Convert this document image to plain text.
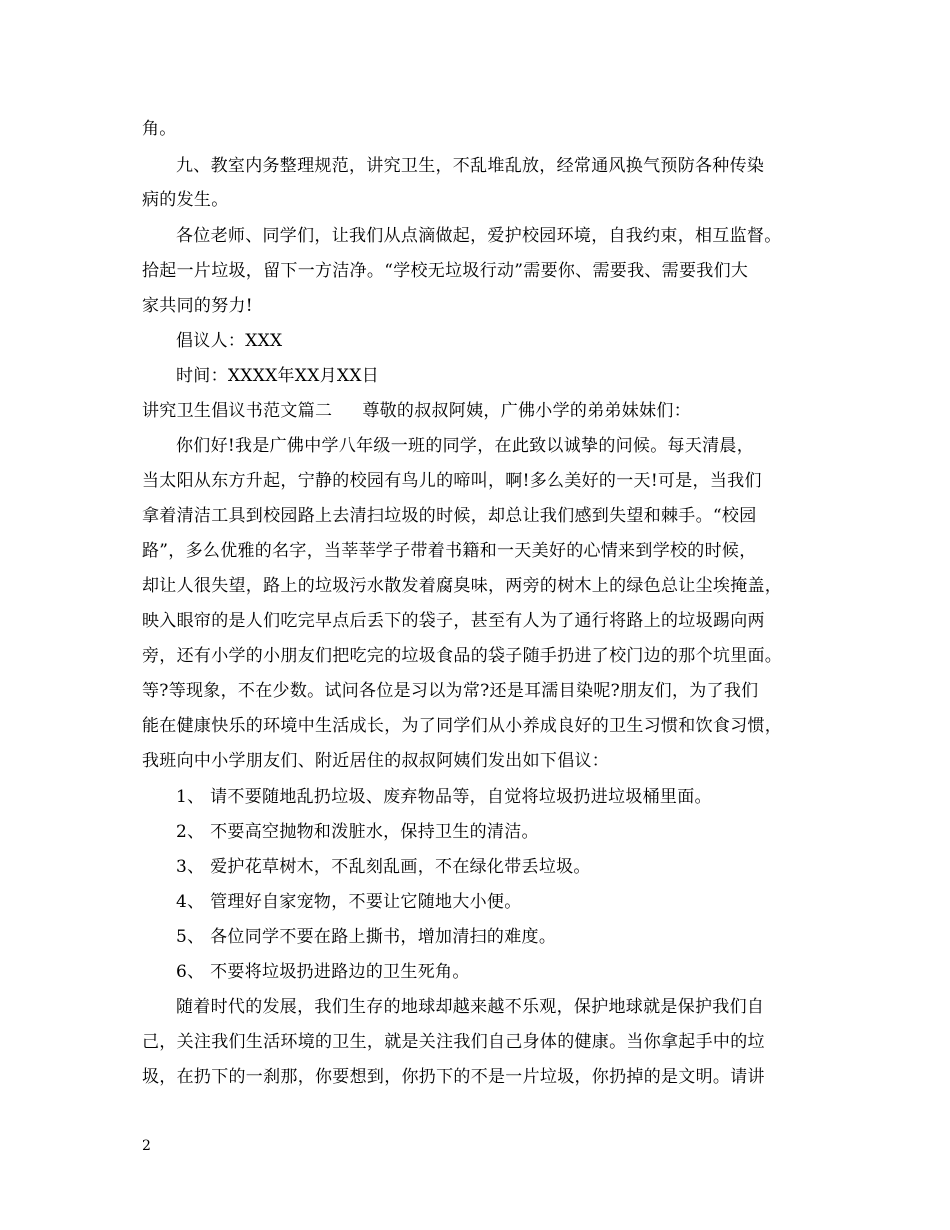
角。
九、教室内务整理规范，讲究卫生，不乱堆乱放，经常通风换气预防各种传染
病的发生。
各位老师、同学们，让我们从点滴做起，爱护校园环境，自我约束，相互监督。
拾起一片垃圾，留下一方洁净。“学校无垃圾行动”需要你、需要我、需要我们大
家共同的努力!
倡议人：XXX
时间：XXXX年XX月XX日
讲究卫生倡议书范文篇二 尊敬的叔叔阿姨，广佛小学的弟弟妹妹们：
你们好!我是广佛中学八年级一班的同学，在此致以诚挚的问候。每天清晨，
当太阳从东方升起，宁静的校园有鸟儿的啼叫，啊!多么美好的一天!可是，当我们
拿着清洁工具到校园路上去清扫垃圾的时候，却总让我们感到失望和棘手。“校园
路”，多么优雅的名字，当莘莘学子带着书籍和一天美好的心情来到学校的时候，
却让人很失望，路上的垃圾污水散发着腐臭味，两旁的树木上的绿色总让尘埃掩盖，
映入眼帘的是人们吃完早点后丢下的袋子，甚至有人为了通行将路上的垃圾踢向两
旁，还有小学的小朋友们把吃完的垃圾食品的袋子随手扔进了校门边的那个坑里面。
等?等现象，不在少数。试问各位是习以为常?还是耳濡目染呢?朋友们，为了我们
能在健康快乐的环境中生活成长，为了同学们从小养成良好的卫生习惯和饮食习惯，
我班向中小学朋友们、附近居住的叔叔阿姨们发出如下倡议：
1、 请不要随地乱扔垃圾、废弃物品等，自觉将垃圾扔进垃圾桶里面。
2、 不要高空抛物和泼脏水，保持卫生的清洁。
3、 爱护花草树木，不乱刻乱画，不在绿化带丢垃圾。
4、 管理好自家宠物，不要让它随地大小便。
5、 各位同学不要在路上撕书，增加清扫的难度。
6、 不要将垃圾扔进路边的卫生死角。
随着时代的发展，我们生存的地球却越来越不乐观，保护地球就是保护我们自
己，关注我们生活环境的卫生，就是关注我们自己身体的健康。当你拿起手中的垃
圾，在扔下的一刹那，你要想到，你扔下的不是一片垃圾，你扔掉的是文明。请讲
2
